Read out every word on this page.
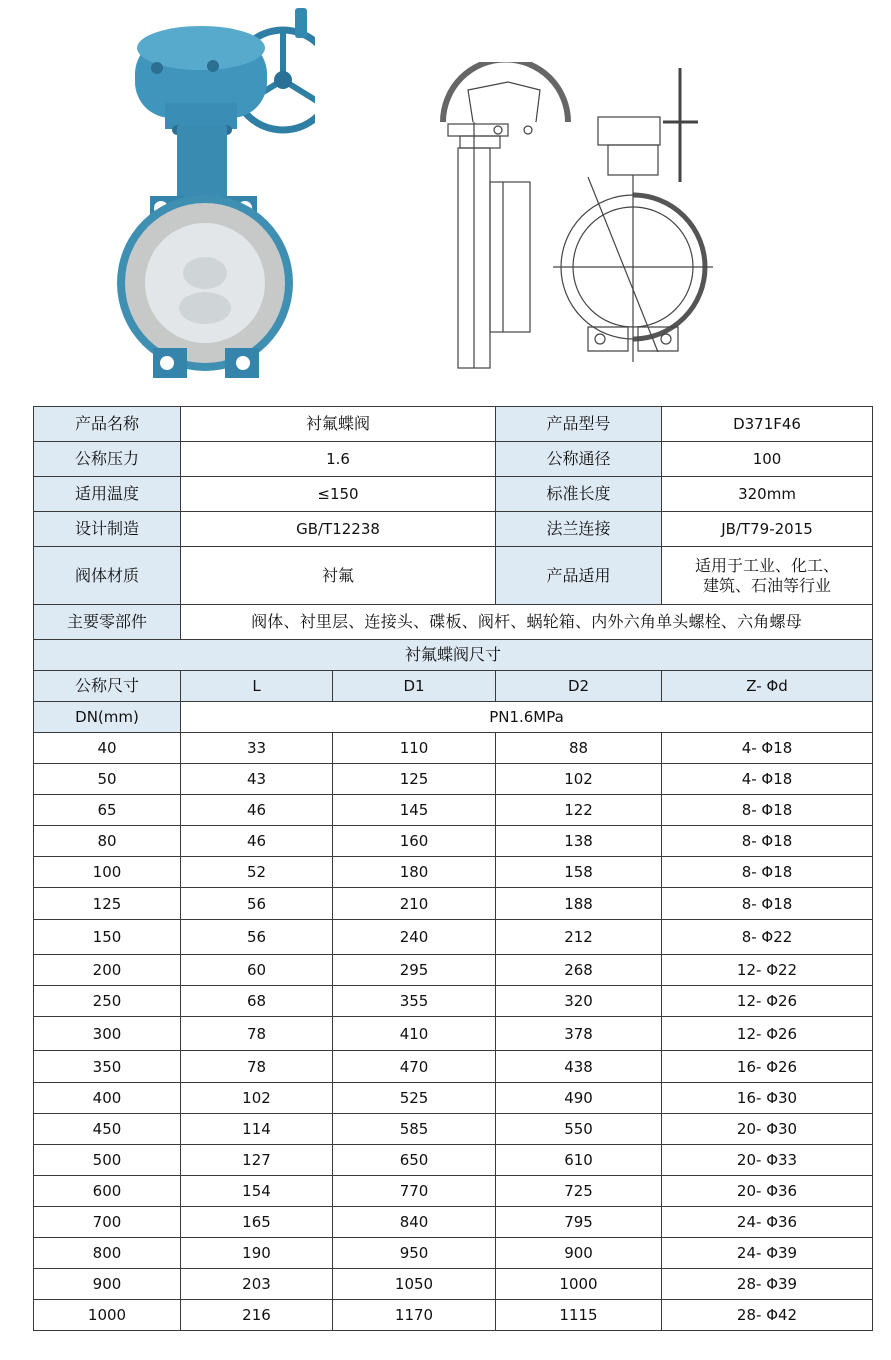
产品名称	衬氟蝶阀		产品型号	D371F46
公称压力	1.6		公称通径	100
适用温度	≤150		标准长度	320mm
设计制造	GB/T12238		法兰连接	JB/T79-2015
阀体材质	衬氟		产品适用	适用于工业、化工、
建筑、石油等行业

主要零部件	阀体、衬里层、连接头、碟板、阀杆、蜗轮箱、内外六角单头螺栓、六角螺母			
衬氟蝶阀尺寸				
公称尺寸	L	D1	D2	Z- Φd
DN(mm)	PN1.6MPa			
40	33	110	88	4- Φ18
50	43	125	102	4- Φ18
65	46	145	122	8- Φ18
80	46	160	138	8- Φ18
100	52	180	158	8- Φ18
125	56	210	188	8- Φ18
150	56	240	212	8- Φ22
200	60	295	268	12- Φ22
250	68	355	320	12- Φ26
300	78	410	378	12- Φ26
350	78	470	438	16- Φ26
400	102	525	490	16- Φ30
450	114	585	550	20- Φ30
500	127	650	610	20- Φ33
600	154	770	725	20- Φ36
700	165	840	795	24- Φ36
800	190	950	900	24- Φ39
900	203	1050	1000	28- Φ39
1000	216	1170	1115	28- Φ42
